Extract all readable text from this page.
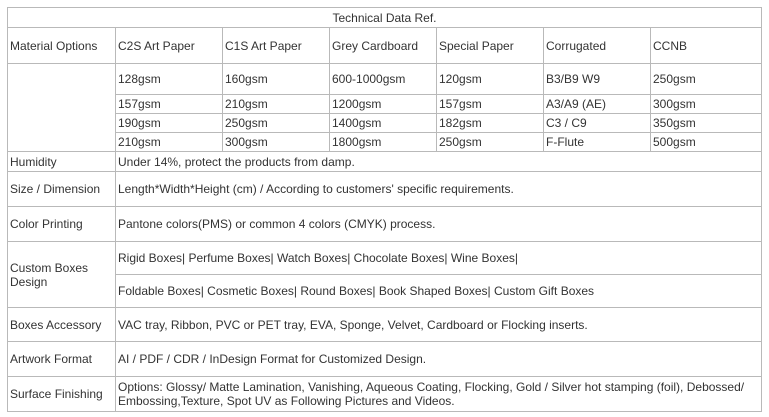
Technical Data Ref.						
Material Options	C2S Art Paper	C1S Art Paper	Grey Cardboard	Special Paper	Corrugated	CCNB
	128gsm	160gsm	600-1000gsm	120gsm	B3/B9 W9	250gsm
	157gsm	210gsm	1200gsm	157gsm	A3/A9 (AE)	300gsm
	190gsm	250gsm	1400gsm	182gsm	C3 / C9	350gsm
	210gsm	300gsm	1800gsm	250gsm	F-Flute	500gsm
Humidity	Under 14%, protect the products from damp.					
Size / Dimension	Length*Width*Height (cm) / According to customers' specific requirements.					
Color Printing	Pantone colors(PMS) or common 4 colors (CMYK) process.					
Custom Boxes Design	Rigid Boxes| Perfume Boxes| Watch Boxes| Chocolate Boxes| Wine Boxes|					
	Foldable Boxes| Cosmetic Boxes| Round Boxes| Book Shaped Boxes| Custom Gift Boxes					
Boxes Accessory	VAC tray, Ribbon, PVC or PET tray, EVA, Sponge, Velvet, Cardboard or Flocking inserts.					
Artwork Format	AI / PDF / CDR / InDesign Format for Customized Design.					
Surface Finishing	Options: Glossy/ Matte Lamination, Vanishing, Aqueous Coating, Flocking, Gold / Silver hot stamping (foil), Debossed/ Embossing,Texture, Spot UV as Following Pictures and Videos.					
